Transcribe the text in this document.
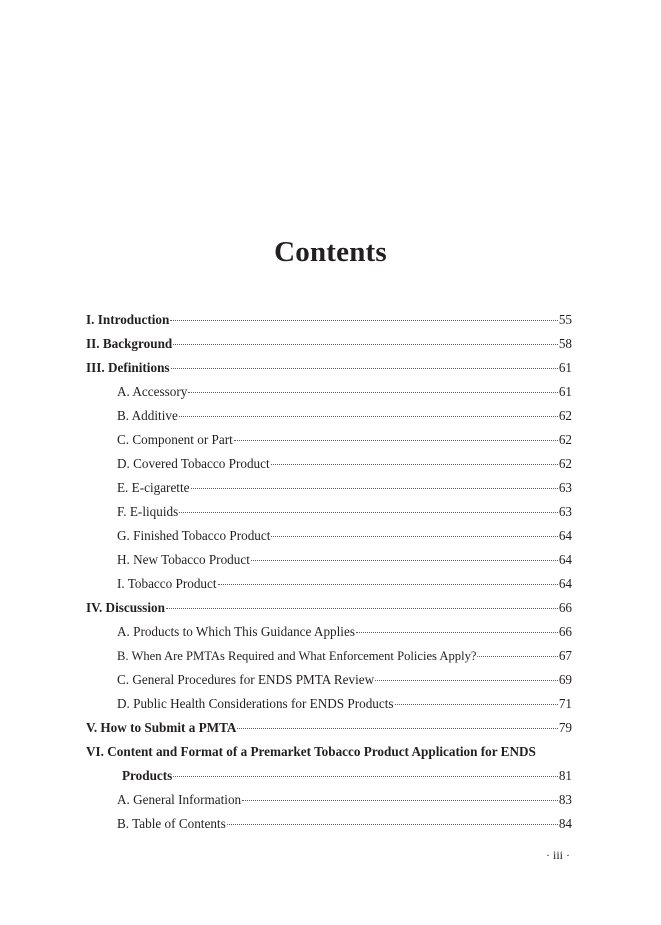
Contents
I. Introduction	55
II. Background	58
III. Definitions	61
A. Accessory	61
B. Additive	62
C. Component or Part	62
D. Covered Tobacco Product	62
E. E-cigarette	63
F. E-liquids	63
G. Finished Tobacco Product	64
H. New Tobacco Product	64
I. Tobacco Product	64
IV. Discussion	66
A. Products to Which This Guidance Applies	66
B. When Are PMTAs Required and What Enforcement Policies Apply?	67
C. General Procedures for ENDS PMTA Review	69
D. Public Health Considerations for ENDS Products	71
V. How to Submit a PMTA	79
VI. Content and Format of a Premarket Tobacco Product Application for ENDS
Products	81
A. General Information	83
B. Table of Contents	84
· iii ·
